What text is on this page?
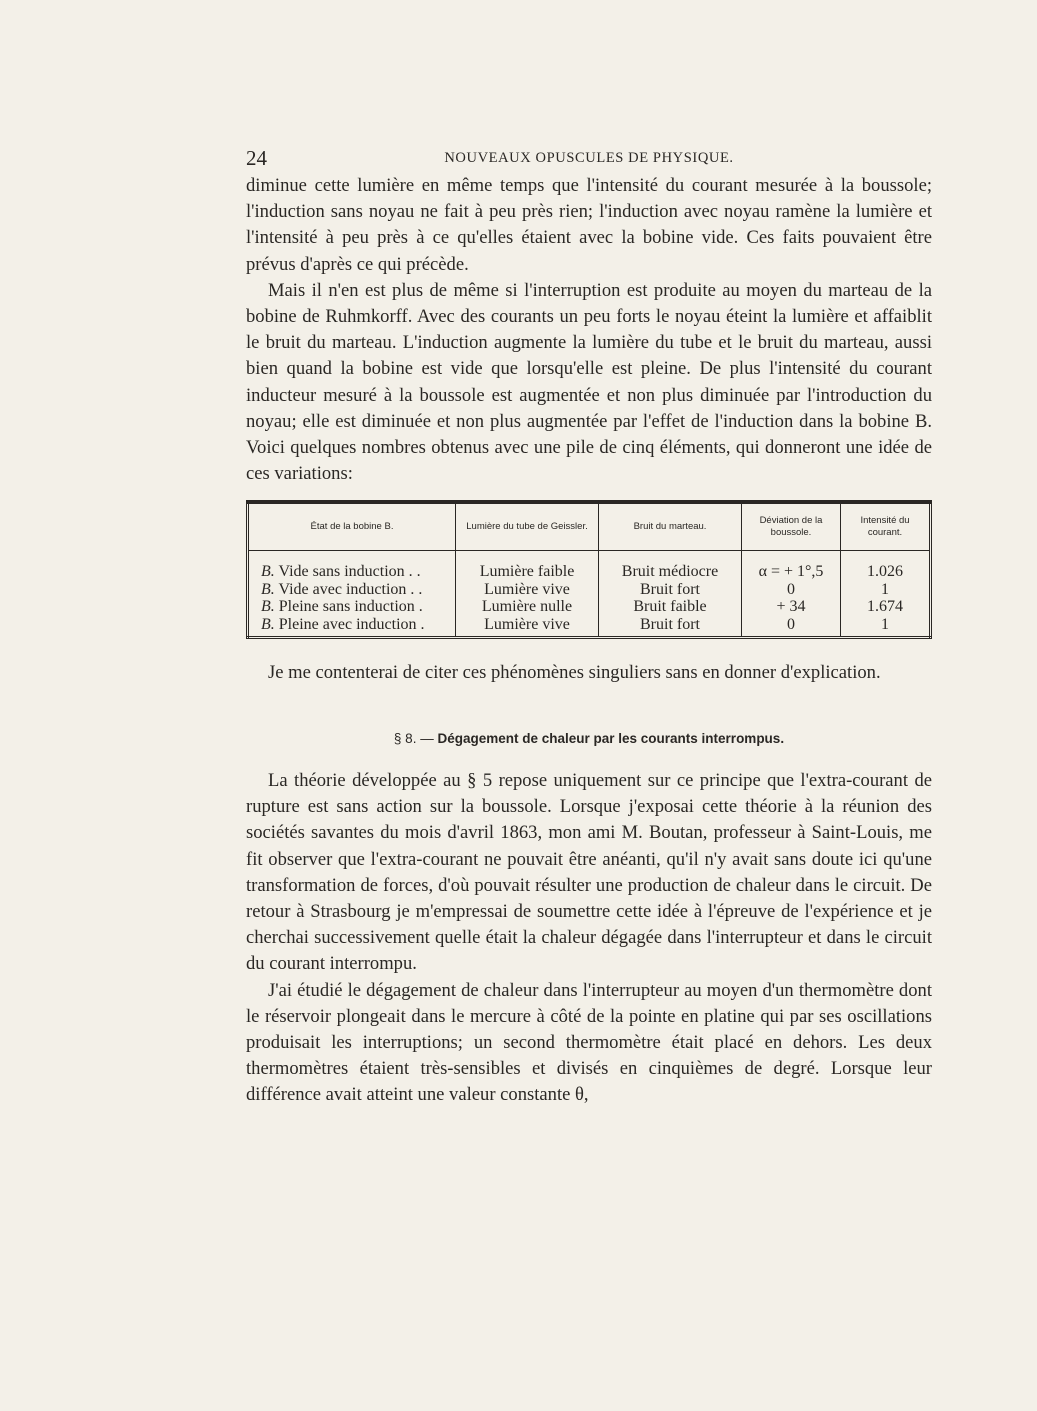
24	NOUVEAUX OPUSCULES DE PHYSIQUE.

diminue cette lumière en même temps que l'intensité du courant mesurée à la boussole; l'induction sans noyau ne fait à peu près rien; l'induction avec noyau ramène la lumière et l'intensité à peu près à ce qu'elles étaient avec la bobine vide. Ces faits pouvaient être prévus d'après ce qui précède.

Mais il n'en est plus de même si l'interruption est produite au moyen du marteau de la bobine de Ruhmkorff. Avec des courants un peu forts le noyau éteint la lumière et affaiblit le bruit du marteau. L'induction augmente la lumière du tube et le bruit du marteau, aussi bien quand la bobine est vide que lorsqu'elle est pleine. De plus l'intensité du courant inducteur mesuré à la boussole est augmentée et non plus diminuée par l'introduction du noyau; elle est diminuée et non plus augmentée par l'effet de l'induction dans la bobine B. Voici quelques nombres obtenus avec une pile de cinq éléments, qui donneront une idée de ces variations:

État de la bobine B.	Lumière du tube de Geissler.	Bruit du marteau.	Déviation de la boussole.	Intensité du courant.
B. Vide sans induction . .	Lumière faible	Bruit médiocre	α = + 1°,5	1.026
B. Vide avec induction . .	Lumière vive	Bruit fort	0	1
B. Pleine sans induction .	Lumière nulle	Bruit faible	+ 34	1.674
B. Pleine avec induction .	Lumière vive	Bruit fort	0	1

Je me contenterai de citer ces phénomènes singuliers sans en donner d'explication.

§ 8. — Dégagement de chaleur par les courants interrompus.

La théorie développée au § 5 repose uniquement sur ce principe que l'extra-courant de rupture est sans action sur la boussole. Lorsque j'exposai cette théorie à la réunion des sociétés savantes du mois d'avril 1863, mon ami M. Boutan, professeur à Saint-Louis, me fit observer que l'extra-courant ne pouvait être anéanti, qu'il n'y avait sans doute ici qu'une transformation de forces, d'où pouvait résulter une production de chaleur dans le circuit. De retour à Strasbourg je m'empressai de soumettre cette idée à l'épreuve de l'expérience et je cherchai successivement quelle était la chaleur dégagée dans l'interrupteur et dans le circuit du courant interrompu.

J'ai étudié le dégagement de chaleur dans l'interrupteur au moyen d'un thermomètre dont le réservoir plongeait dans le mercure à côté de la pointe en platine qui par ses oscillations produisait les interruptions; un second thermomètre était placé en dehors. Les deux thermomètres étaient très-sensibles et divisés en cinquièmes de degré. Lorsque leur différence avait atteint une valeur constante θ,
